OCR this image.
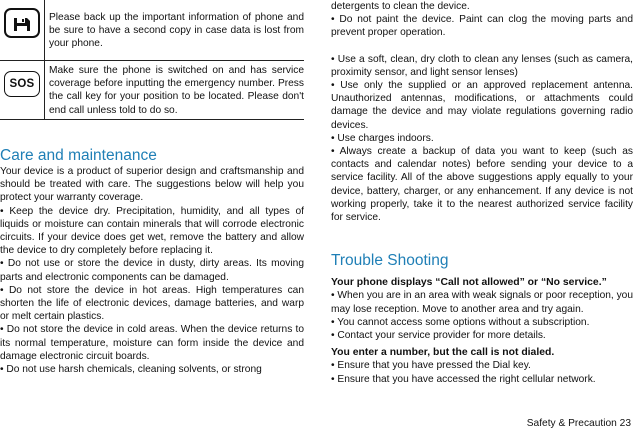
Please back up the important information of phone and be sure to have a second copy in case data is lost from your phone.
SOS
Make sure the phone is switched on and has service coverage before inputting the emergency number. Press the call key for your position to be located. Please don't end call unless told to do so.
Care and maintenance

Your device is a product of superior design and craftsmanship and should be treated with care. The suggestions below will help you protect your warranty coverage.

• Keep the device dry. Precipitation, humidity, and all types of liquids or moisture can contain minerals that will corrode electronic circuits. If your device does get wet, remove the battery and allow the device to dry completely before replacing it.

• Do not use or store the device in dusty, dirty areas. Its moving parts and electronic components can be damaged.

• Do not store the device in hot areas. High temperatures can shorten the life of electronic devices, damage batteries, and warp or melt certain plastics.

• Do not store the device in cold areas. When the device returns to its normal temperature, moisture can form inside the device and damage electronic circuit boards.

• Do not use harsh chemicals, cleaning solvents, or strong

detergents to clean the device.

• Do not paint the device. Paint can clog the moving parts and prevent proper operation.

• Use a soft, clean, dry cloth to clean any lenses (such as camera, proximity sensor, and light sensor lenses)

• Use only the supplied or an approved replacement antenna. Unauthorized antennas, modifications, or attachments could damage the device and may violate regulations governing radio devices.

• Use charges indoors.

• Always create a backup of data you want to keep (such as contacts and calendar notes) before sending your device to a service facility. All of the above suggestions apply equally to your device, battery, charger, or any enhancement. If any device is not working properly, take it to the nearest authorized service facility for service.

Trouble Shooting
Your phone displays “Call not allowed” or “No service.”

• When you are in an area with weak signals or poor reception, you may lose reception. Move to another area and try again.

• You cannot access some options without a subscription.

• Contact your service provider for more details.

You enter a number, but the call is not dialed.

• Ensure that you have pressed the Dial key.

• Ensure that you have accessed the right cellular network.

Safety & Precaution 23
